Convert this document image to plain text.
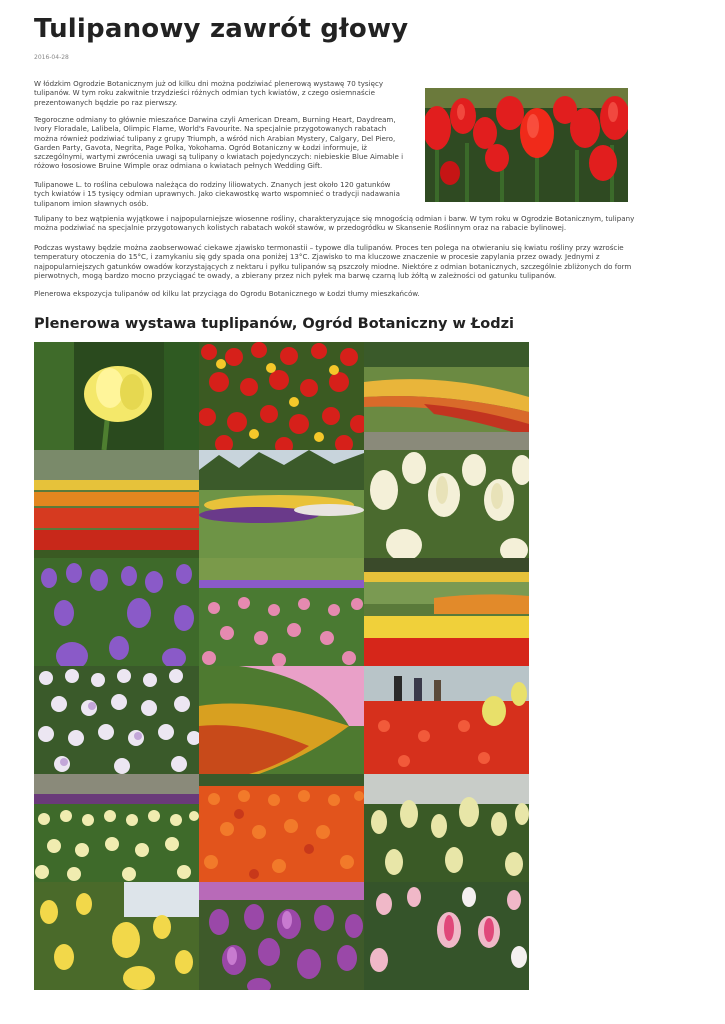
Tulipanowy zawrót głowy
2016-04-28

W łódzkim Ogrodzie Botanicznym już od kilku dni można podziwiać plenerową wystawę 70 tysięcy tulipanów. W tym roku zakwitnie trzydzieści różnych odmian tych kwiatów, z czego osiemnaście prezentowanych będzie po raz pierwszy.

Tegoroczne odmiany to głównie mieszańce Darwina czyli American Dream, Burning Heart, Daydream, Ivory Floradale, Lalibela, Olimpic Flame, World's Favourite. Na specjalnie przygotowanych rabatach można również podziwiać tulipany z grupy Triumph, a wśród nich Arabian Mystery, Calgary, Del Piero, Garden Party, Gavota, Negrita, Page Polka, Yokohama. Ogród Botaniczny w Łodzi informuje, iż szczególnymi, wartymi zwrócenia uwagi są tulipany o kwiatach pojedynczych: niebieskie Blue Aimable i różowo łososiowe Bruine Wimple oraz odmiana o kwiatach pełnych Wedding Gift.

Tulipanowe L. to roślina cebulowa należąca do rodziny liliowatych. Znanych jest około 120 gatunków tych kwiatów i 15 tysięcy odmian uprawnych. Jako ciekawostkę warto wspomnieć o tradycji nadawania tulipanom imion sławnych osób.

Tulipany to bez wątpienia wyjątkowe i najpopularniejsze wiosenne rośliny, charakteryzujące się mnogością odmian i barw. W tym roku w Ogrodzie Botanicznym, tulipany można podziwiać na specjalnie przygotowanych kolistych rabatach wokół stawów, w przedogródku w Skansenie Roślinnym oraz na rabacie bylinowej.

Podczas wystawy będzie można zaobserwować ciekawe zjawisko termonastii – typowe dla tulipanów. Proces ten polega na otwieraniu się kwiatu rośliny przy wzroście temperatury otoczenia do 15°C, i zamykaniu się gdy spada ona poniżej 13°C. Zjawisko to ma kluczowe znaczenie w procesie zapylania przez owady. Jednymi z najpopularniejszych gatunków owadów korzystających z nektaru i pyłku tulipanów są pszczoły miodne. Niektóre z odmian botanicznych, szczególnie zbliżonych do form pierwotnych, mogą bardzo mocno przyciągać te owady, a zbierany przez nich pyłek ma barwę czarną lub żółtą w zależności od gatunku tulipanów.

Plenerowa ekspozycja tulipanów od kilku lat przyciąga do Ogrodu Botanicznego w Łodzi tłumy mieszkańców.

Plenerowa wystawa tuplipanów, Ogród Botaniczny w Łodzi
